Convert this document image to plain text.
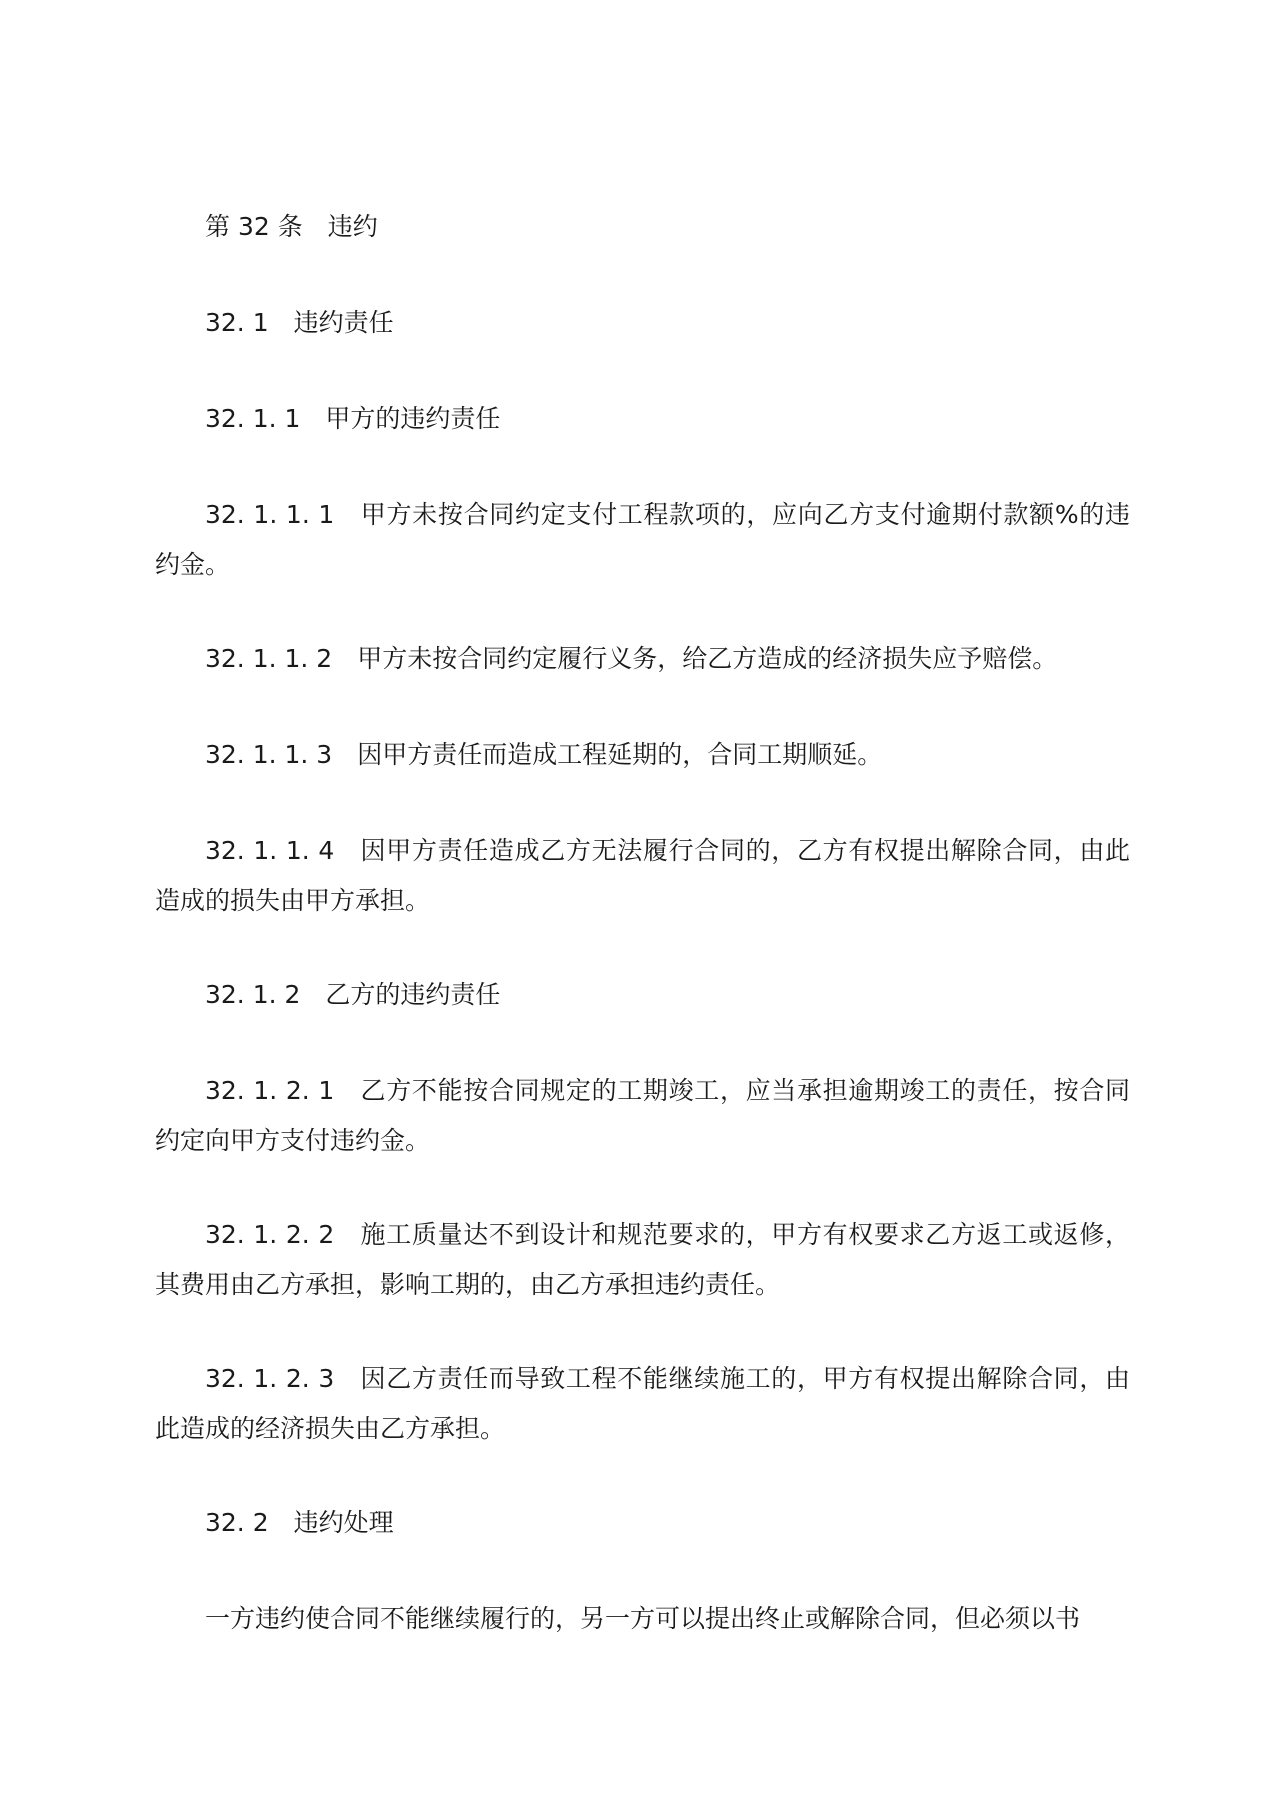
第 32 条　违约

32. 1　违约责任

32. 1. 1　甲方的违约责任

32. 1. 1. 1　甲方未按合同约定支付工程款项的，应向乙方支付逾期付款额%的违约金。

32. 1. 1. 2　甲方未按合同约定履行义务，给乙方造成的经济损失应予赔偿。

32. 1. 1. 3　因甲方责任而造成工程延期的，合同工期顺延。

32. 1. 1. 4　因甲方责任造成乙方无法履行合同的，乙方有权提出解除合同，由此造成的损失由甲方承担。

32. 1. 2　乙方的违约责任

32. 1. 2. 1　乙方不能按合同规定的工期竣工，应当承担逾期竣工的责任，按合同约定向甲方支付违约金。

32. 1. 2. 2　施工质量达不到设计和规范要求的，甲方有权要求乙方返工或返修，其费用由乙方承担，影响工期的，由乙方承担违约责任。

32. 1. 2. 3　因乙方责任而导致工程不能继续施工的，甲方有权提出解除合同，由此造成的经济损失由乙方承担。

32. 2　违约处理

一方违约使合同不能继续履行的，另一方可以提出终止或解除合同，但必须以书
